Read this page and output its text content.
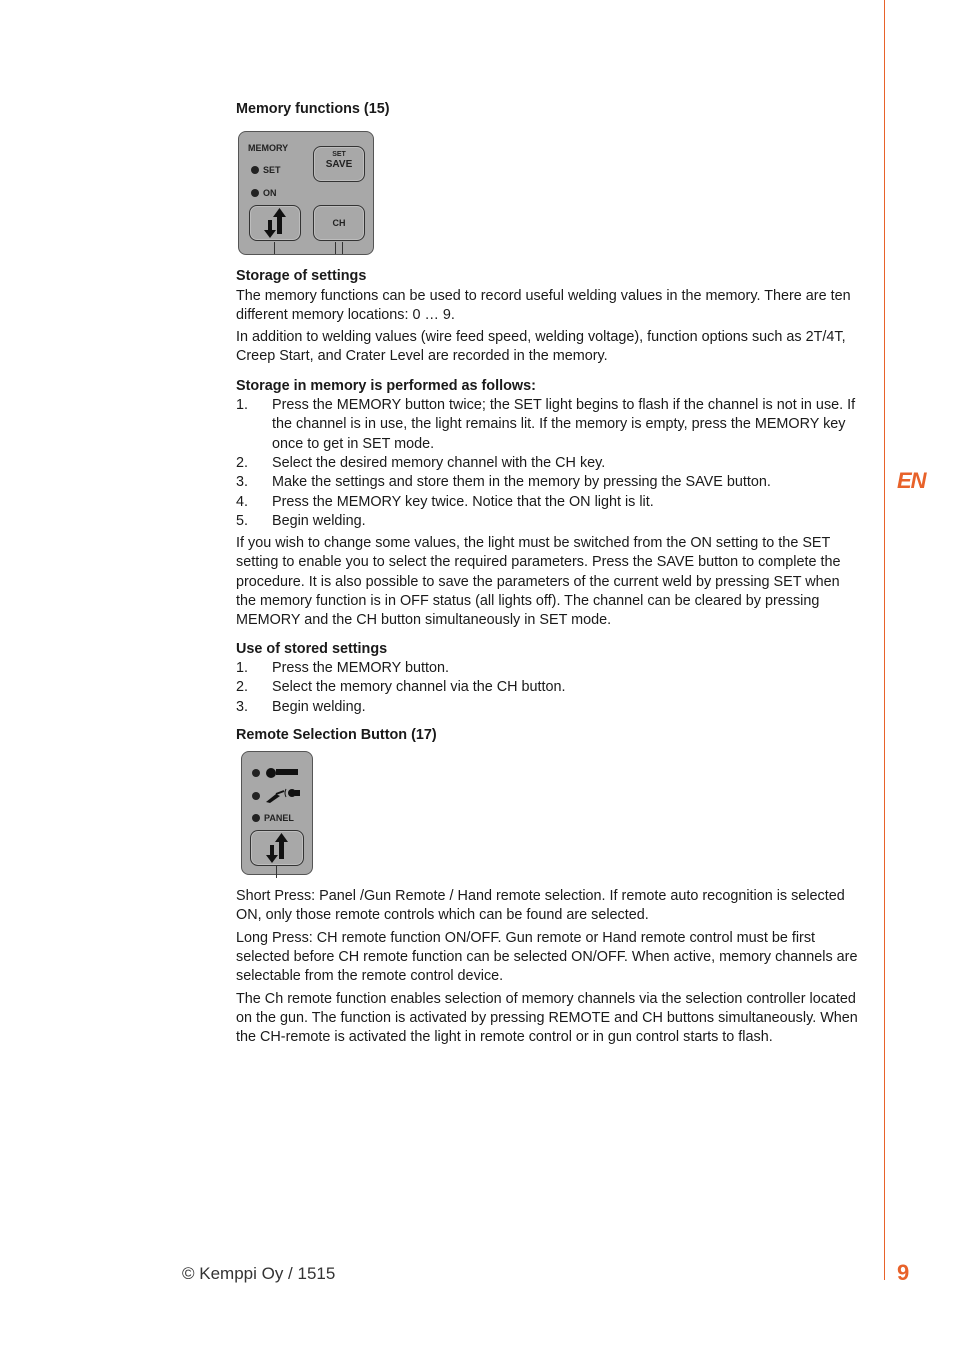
EN
9
© Kemppi Oy / 1515
Memory functions (15)
MEMORY
SET
ON
SET
SAVE
CH
Storage of settings

The memory functions can be used to record useful welding values in the memory. There are ten different memory locations: 0 … 9.

In addition to welding values (wire feed speed, welding voltage), function options such as 2T/4T, Creep Start, and Crater Level are recorded in the memory.

Storage in memory is performed as follows:
1.	Press the MEMORY button twice; the SET light begins to flash if the channel is not in use. If the channel is in use, the light remains lit. If the memory is empty, press the MEMORY key once to get in SET mode.
2.	Select the desired memory channel with the CH key.
3.	Make the settings and store them in the memory by pressing the SAVE button.
4.	Press the MEMORY key twice. Notice that the ON light is lit.
5.	Begin welding.

If you wish to change some values, the light must be switched from the ON setting to the SET setting to enable you to select the required parameters. Press the SAVE button to complete the procedure. It is also possible to save the parameters of the current weld by pressing SET when the memory function is in OFF status (all lights off). The channel can be cleared by pressing MEMORY and the CH button simultaneously in SET mode.

Use of stored settings
1.	Press the MEMORY button.
2.	Select the memory channel via the CH button.
3.	Begin welding.
Remote Selection Button (17)
PANEL

Short Press: Panel /Gun Remote / Hand remote selection. If remote auto recognition is selected ON, only those remote controls which can be found are selected.

Long Press: CH remote function ON/OFF. Gun remote or Hand remote control must be first selected before CH remote function can be selected ON/OFF. When active, memory channels are selectable from the remote control device.

The Ch remote function enables selection of memory channels via the selection controller located on the gun. The function is activated by pressing REMOTE and CH buttons simultaneously. When the CH-remote is activated the light in remote control or in gun control starts to flash.
